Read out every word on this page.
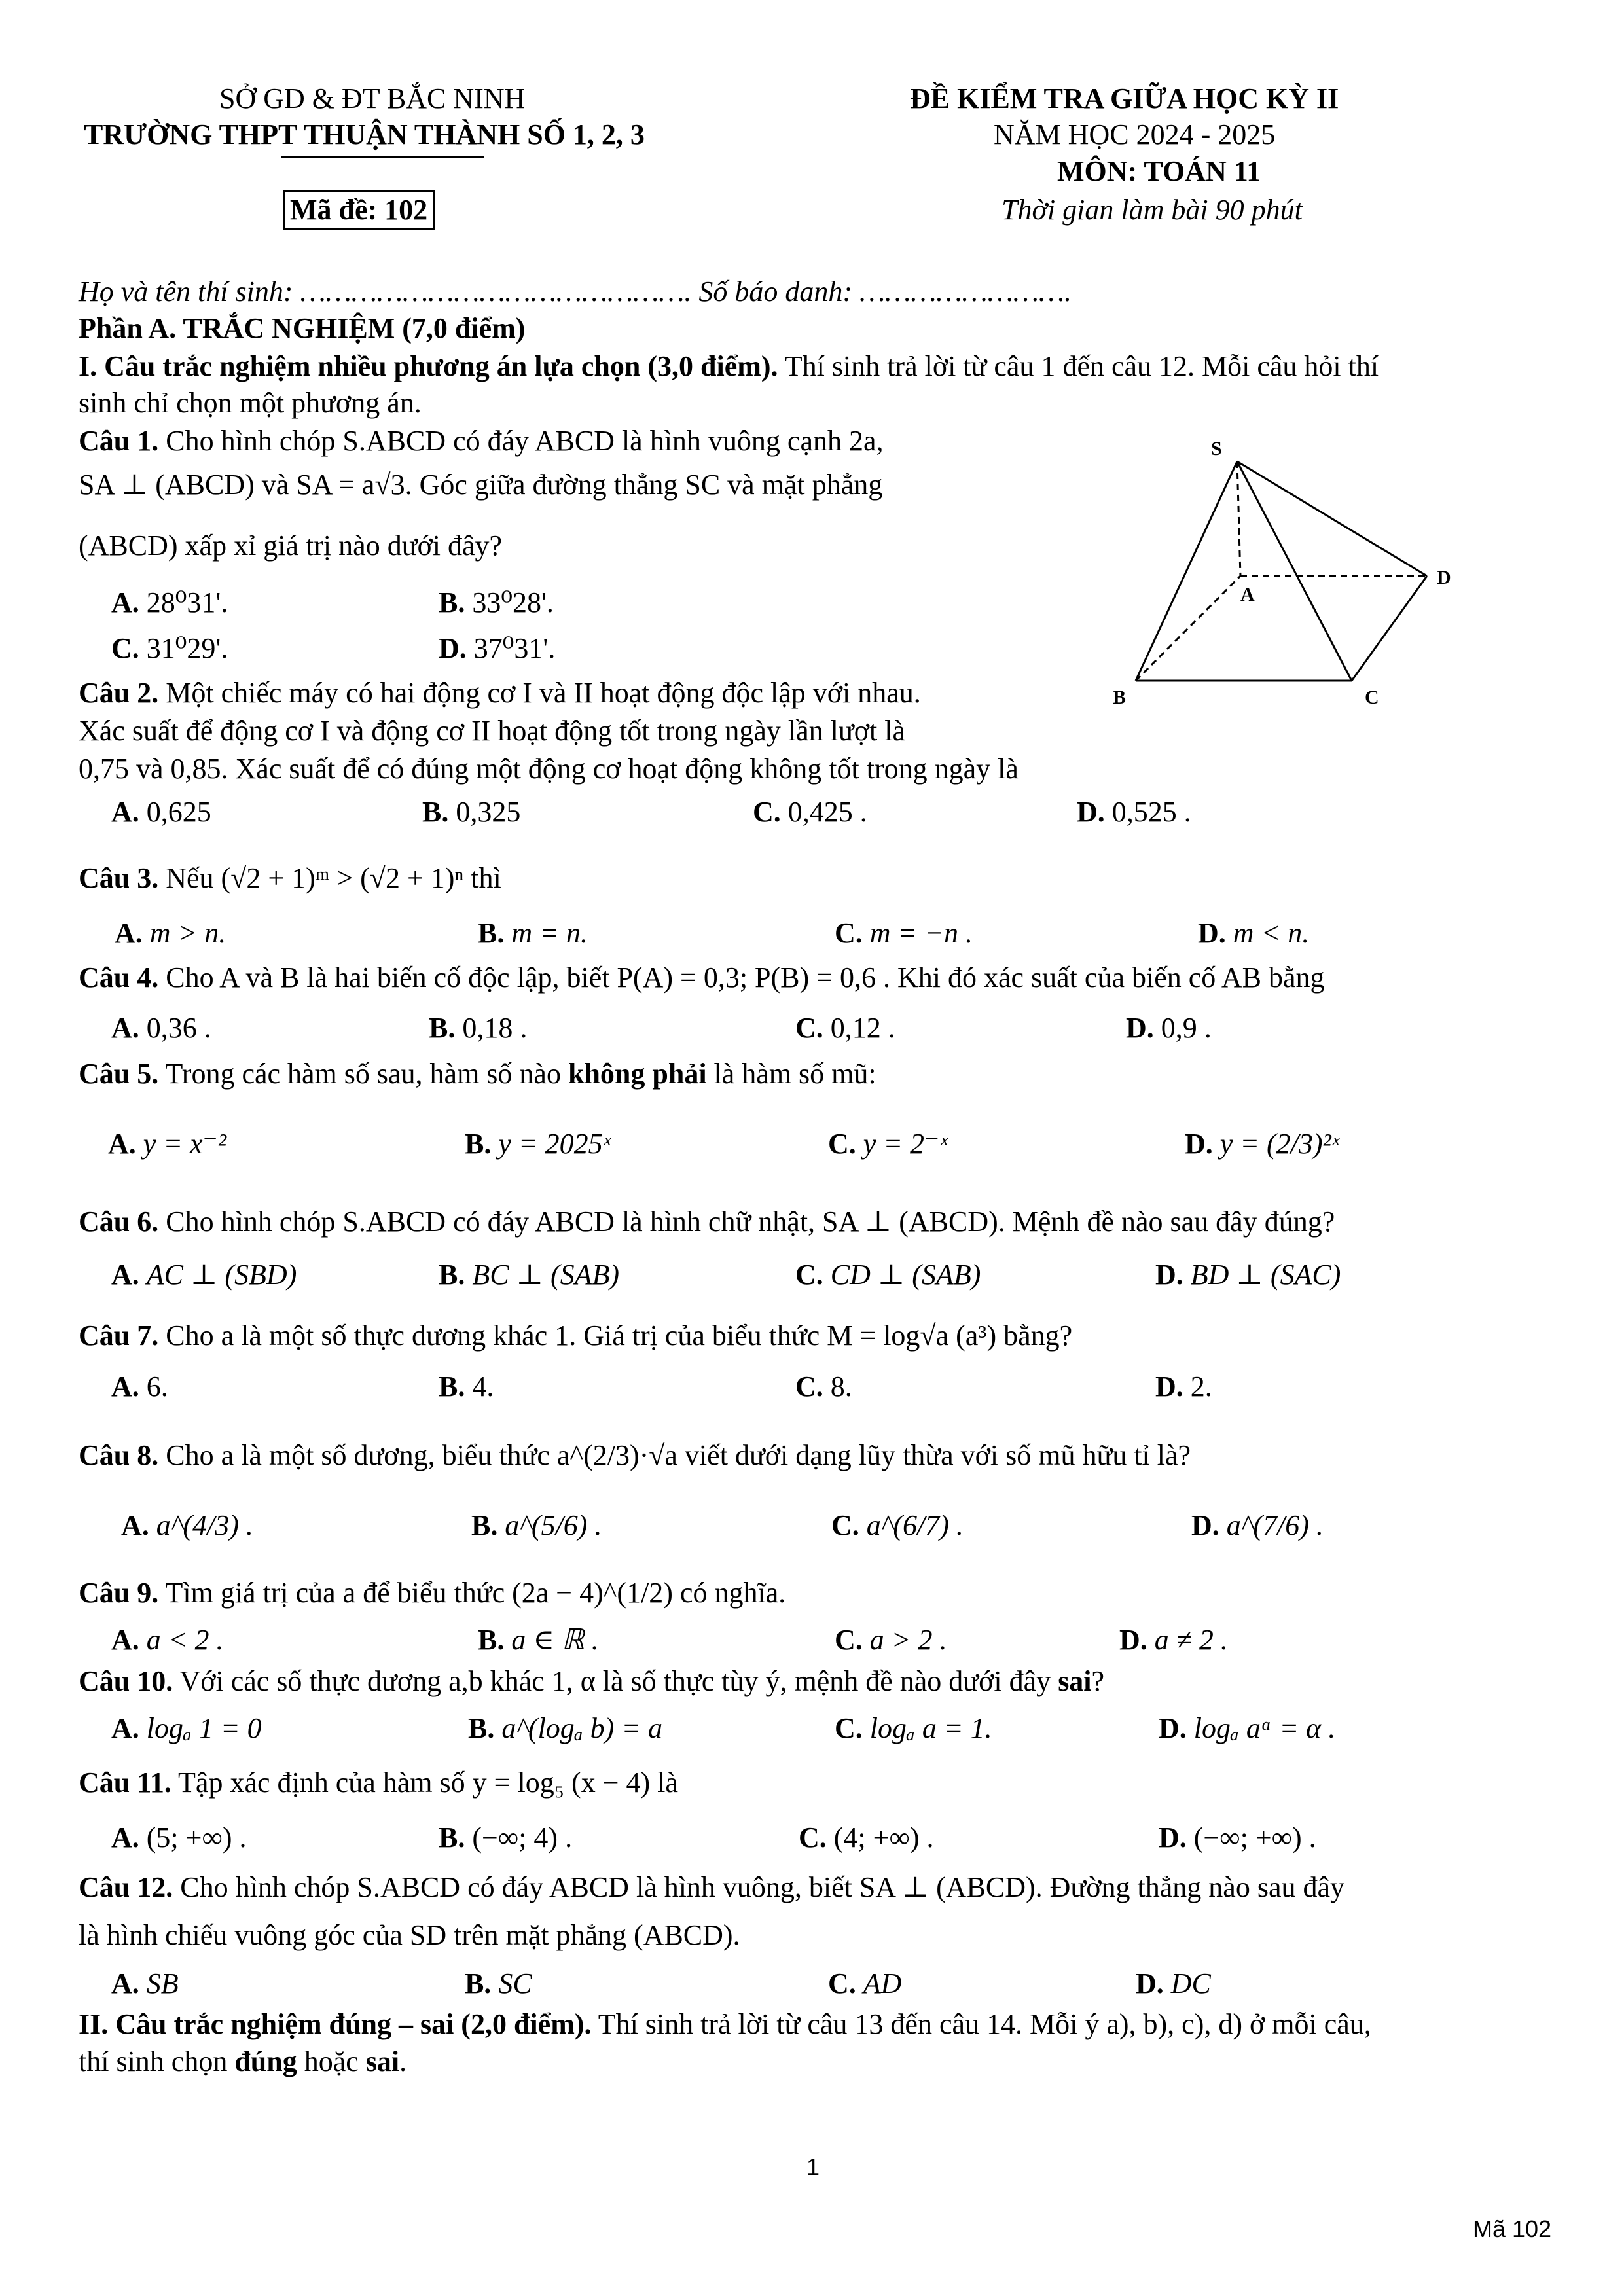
SỞ GD & ĐT BẮC NINH
TRƯỜNG THPT THUẬN THÀNH SỐ 1, 2, 3
Mã đề: 102
ĐỀ KIỂM TRA GIỮA HỌC KỲ II
NĂM HỌC 2024 - 2025
MÔN: TOÁN 11
Thời gian làm bài 90 phút
Họ và tên thí sinh: ………………………………………. Số báo danh: …………………….
Phần A. TRẮC NGHIỆM (7,0 điểm)
I. Câu trắc nghiệm nhiều phương án lựa chọn (3,0 điểm). Thí sinh trả lời từ câu 1 đến câu 12. Mỗi câu hỏi thí
sinh chỉ chọn một phương án.
S
A
D
B	C
Câu 1. Cho hình chóp S.ABCD có đáy ABCD là hình vuông cạnh 2a,
SA ⊥ (ABCD) và SA = a√3. Góc giữa đường thẳng SC và mặt phẳng
(ABCD) xấp xỉ giá trị nào dưới đây?
A. 28⁰31'.	B. 33⁰28'.
C. 31⁰29'.	D. 37⁰31'.
Câu 2. Một chiếc máy có hai động cơ I và II hoạt động độc lập với nhau.
Xác suất để động cơ I và động cơ II hoạt động tốt trong ngày lần lượt là
0,75 và 0,85. Xác suất để có đúng một động cơ hoạt động không tốt trong ngày là
A. 0,625	B. 0,325	C. 0,425 .	D. 0,525 .
Câu 3. Nếu (√2 + 1)ᵐ > (√2 + 1)ⁿ thì
A. m > n.	B. m = n.	C. m = −n .	D. m < n.
Câu 4. Cho A và B là hai biến cố độc lập, biết P(A) = 0,3; P(B) = 0,6 . Khi đó xác suất của biến cố AB bằng
A. 0,36 .	B. 0,18 .	C. 0,12 .	D. 0,9 .
Câu 5. Trong các hàm số sau, hàm số nào không phải là hàm số mũ:
A. y = x⁻²	B. y = 2025ˣ	C. y = 2⁻ˣ	D. y = (2/3)²ˣ
Câu 6. Cho hình chóp S.ABCD có đáy ABCD là hình chữ nhật, SA ⊥ (ABCD). Mệnh đề nào sau đây đúng?
A. AC ⊥ (SBD)	B. BC ⊥ (SAB)	C. CD ⊥ (SAB)	D. BD ⊥ (SAC)
Câu 7. Cho a là một số thực dương khác 1. Giá trị của biểu thức M = log√a (a³) bằng?
A. 6.	B. 4.	C. 8.	D. 2.
Câu 8. Cho a là một số dương, biểu thức a^(2/3)·√a viết dưới dạng lũy thừa với số mũ hữu tỉ là?
A. a^(4/3) .	B. a^(5/6) .	C. a^(6/7) .	D. a^(7/6) .
Câu 9. Tìm giá trị của a để biểu thức (2a − 4)^(1/2) có nghĩa.
A. a < 2 .	B. a ∈ ℝ .	C. a > 2 .	D. a ≠ 2 .
Câu 10. Với các số thực dương a,b khác 1, α là số thực tùy ý, mệnh đề nào dưới đây sai?
A. logₐ 1 = 0	B. a^(logₐ b) = a	C. logₐ a = 1.	D. logₐ aᵅ = α .
Câu 11. Tập xác định của hàm số y = log₅ (x − 4) là
A. (5; +∞) .	B. (−∞; 4) .	C. (4; +∞) .	D. (−∞; +∞) .
Câu 12. Cho hình chóp S.ABCD có đáy ABCD là hình vuông, biết SA ⊥ (ABCD). Đường thẳng nào sau đây
là hình chiếu vuông góc của SD trên mặt phẳng (ABCD).
A. SB	B. SC	C. AD	D. DC
II. Câu trắc nghiệm đúng – sai (2,0 điểm). Thí sinh trả lời từ câu 13 đến câu 14. Mỗi ý a), b), c), d) ở mỗi câu,
thí sinh chọn đúng hoặc sai.
1
Mã 102
